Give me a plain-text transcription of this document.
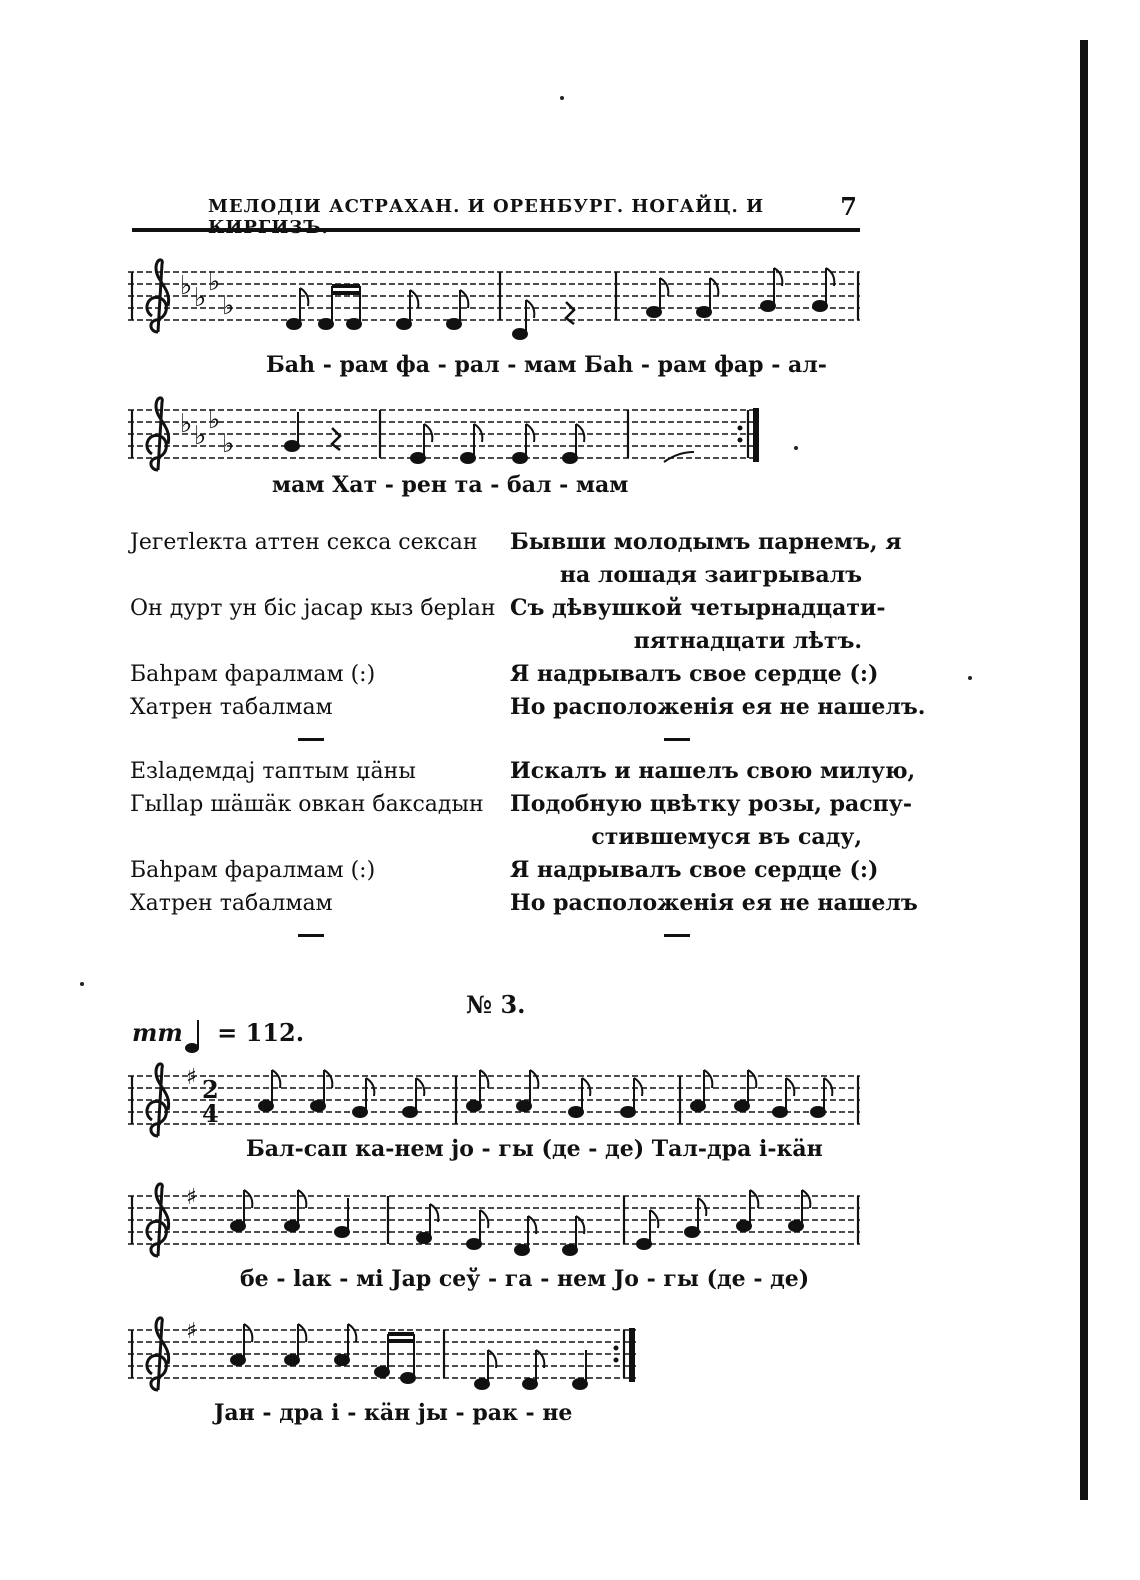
МЕЛОДІИ АСТРАХАН. И ОРЕНБУРГ. НОГАЙЦ. И	7
♭ ♭
♭
♭
Баһ - рам фа - рал - мам Баһ - рам фар - ал-
♭ ♭
♭
♭
мам Хат - рен та - бал - мам
Јегетlекта аттен секса сексан
Он дурт ун біс јасар кыз берlан
Баһрам фаралмам (:)
Хатрен табалмам
Езlадемдај таптым џäны
Гыllар шäшäк овкан баксадын
Баһрам фаралмам (:)
Хатрен табалмам
Бывши молодымъ парнемъ, я
на лошадя заигрывалъ
Съ дѣвушкой четырнадцати-
пятнадцати лѣтъ.
Я надрывалъ свое сердце (:)
Но расположенія ея не нашелъ.
Искалъ и нашелъ свою милую,
Подобную цвѣтку розы, распу-
стившемуся въ саду,
Я надрывалъ свое сердце (:)
Но расположенія ея не нашелъ
№ 3.
mm = 112.
♯ 2
4
Бал-сап ка-нем јо - гы (де - де) Тал-дра і-кäн
♯
бе - lак - мі Јар сеў - га - нем Јо - гы (де - де)
♯
Јан - дра і - кäн јы - рак - не
